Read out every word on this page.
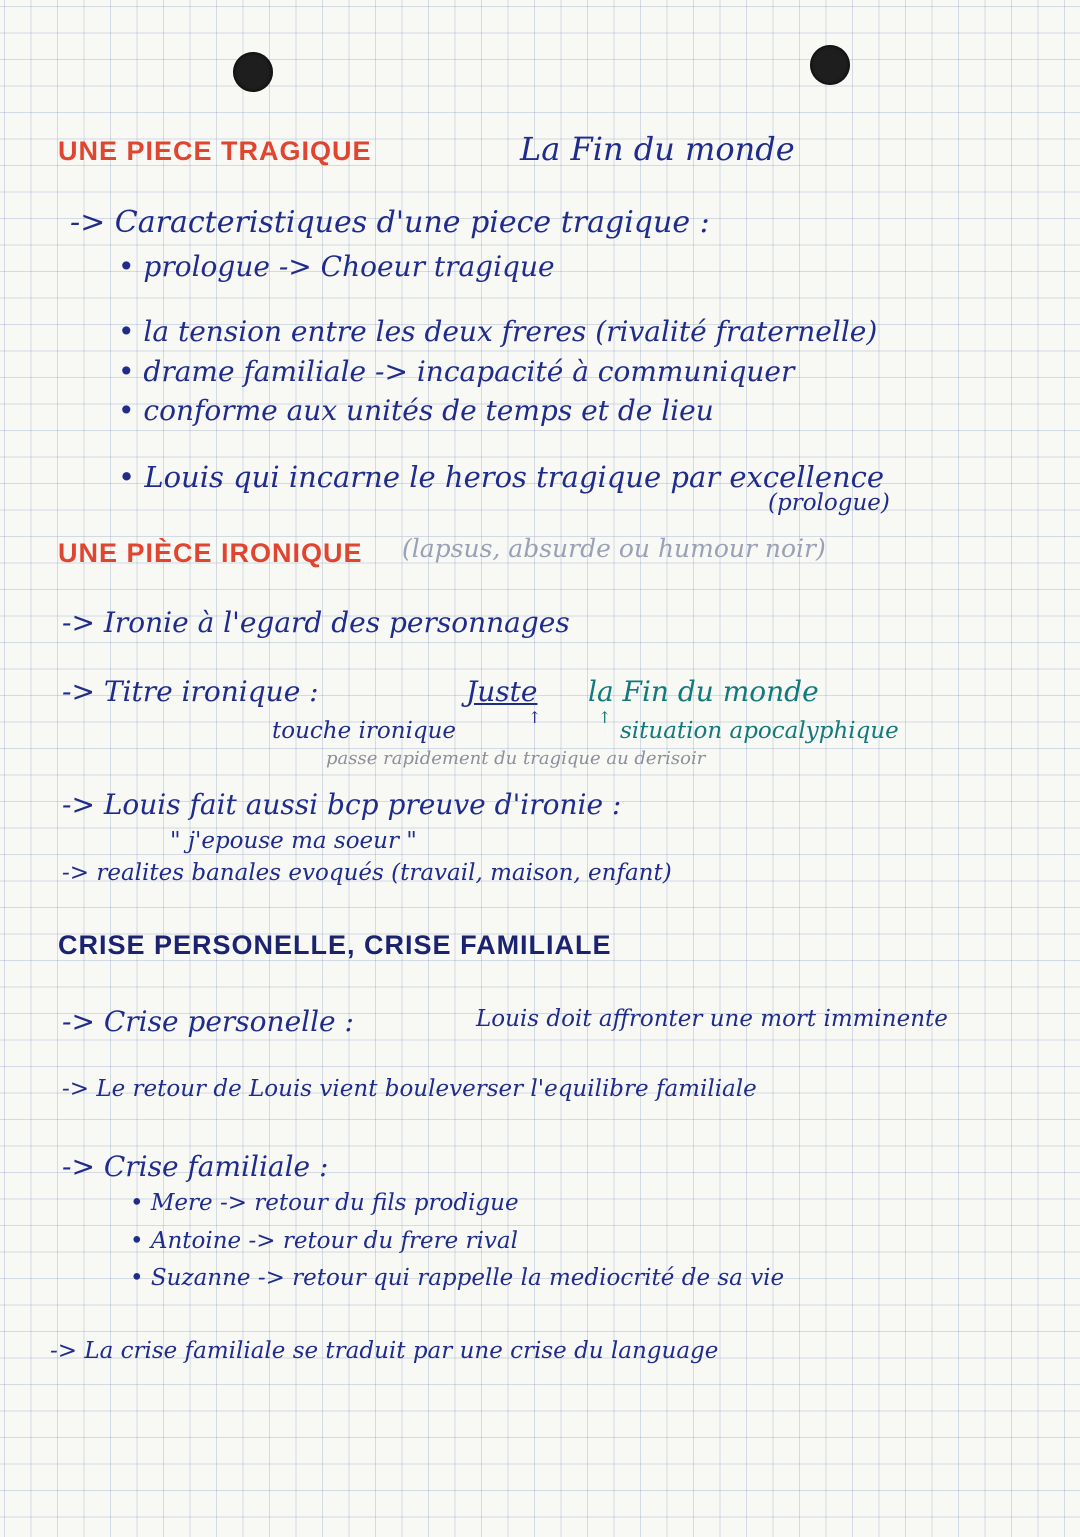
UNE PIECE TRAGIQUE	La Fin du monde
-> Caracteristiques d'une piece tragique :
• prologue -> Choeur tragique
• la tension entre les deux freres (rivalité fraternelle)
• drame familiale -> incapacité à communiquer
• conforme aux unités de temps et de lieu
• Louis qui incarne le heros tragique par excellence
(prologue)
UNE PIÈCE IRONIQUE (lapsus, absurde ou humour noir)
-> Ironie à l'egard des personnages
-> Titre ironique :	Juste la Fin du monde
touche ironique
↑	↑
situation apocalyphique
passe rapidement du tragique au derisoir
-> Louis fait aussi bcp preuve d'ironie :
" j'epouse ma soeur "
-> realites banales evoqués (travail, maison, enfant)
CRISE PERSONELLE, CRISE FAMILIALE
-> Crise personelle :	Louis doit affronter une mort imminente
-> Le retour de Louis vient bouleverser l'equilibre familiale
-> Crise familiale :
• Mere -> retour du fils prodigue
• Antoine -> retour du frere rival
• Suzanne -> retour qui rappelle la mediocrité de sa vie
-> La crise familiale se traduit par une crise du language
